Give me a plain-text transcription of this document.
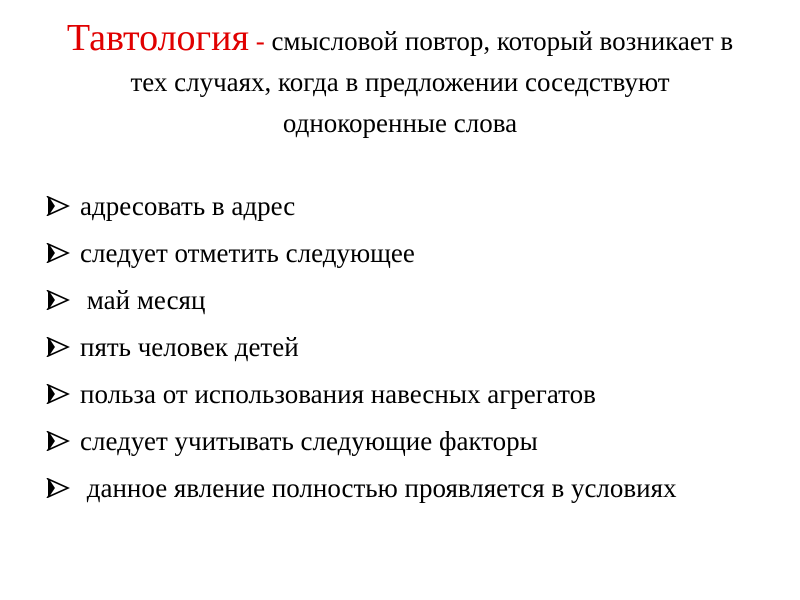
Тавтология - смысловой повтор, который возникает в тех случаях, когда в предложении соседствуют однокоренные слова
адресовать в адрес
следует отметить следующее
май месяц
пять человек детей
польза от использования навесных агрегатов
следует учитывать следующие факторы
данное явление полностью проявляется в условиях
